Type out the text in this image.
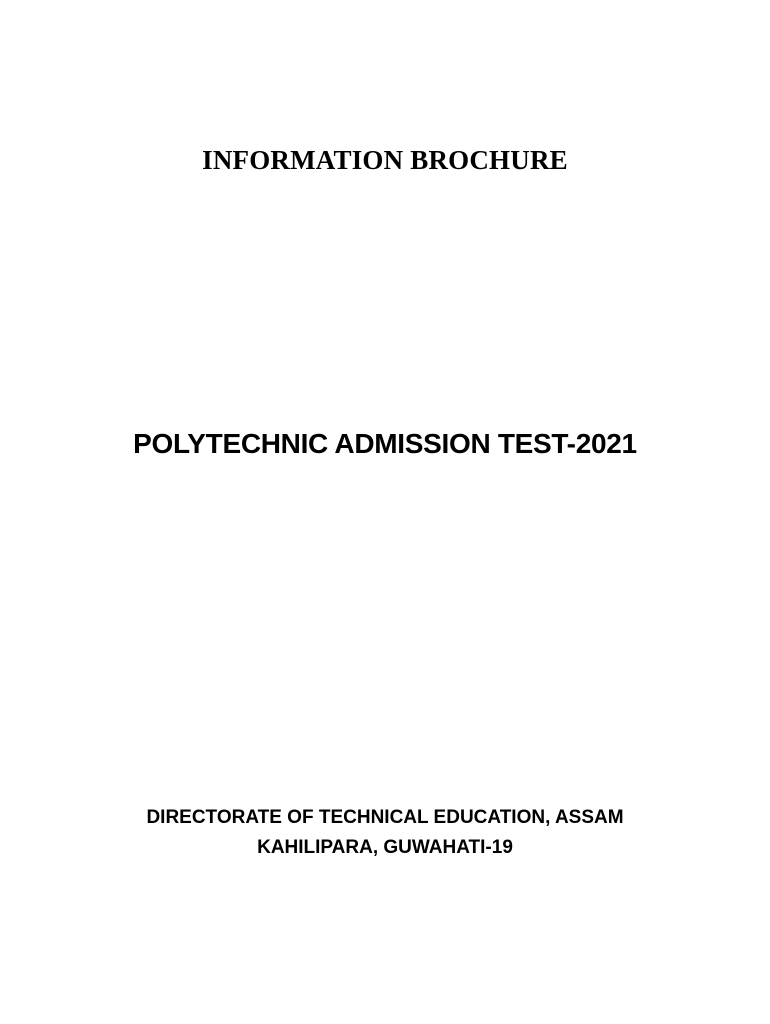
INFORMATION BROCHURE
POLYTECHNIC ADMISSION TEST-2021
DIRECTORATE OF TECHNICAL EDUCATION, ASSAM
KAHILIPARA, GUWAHATI-19
